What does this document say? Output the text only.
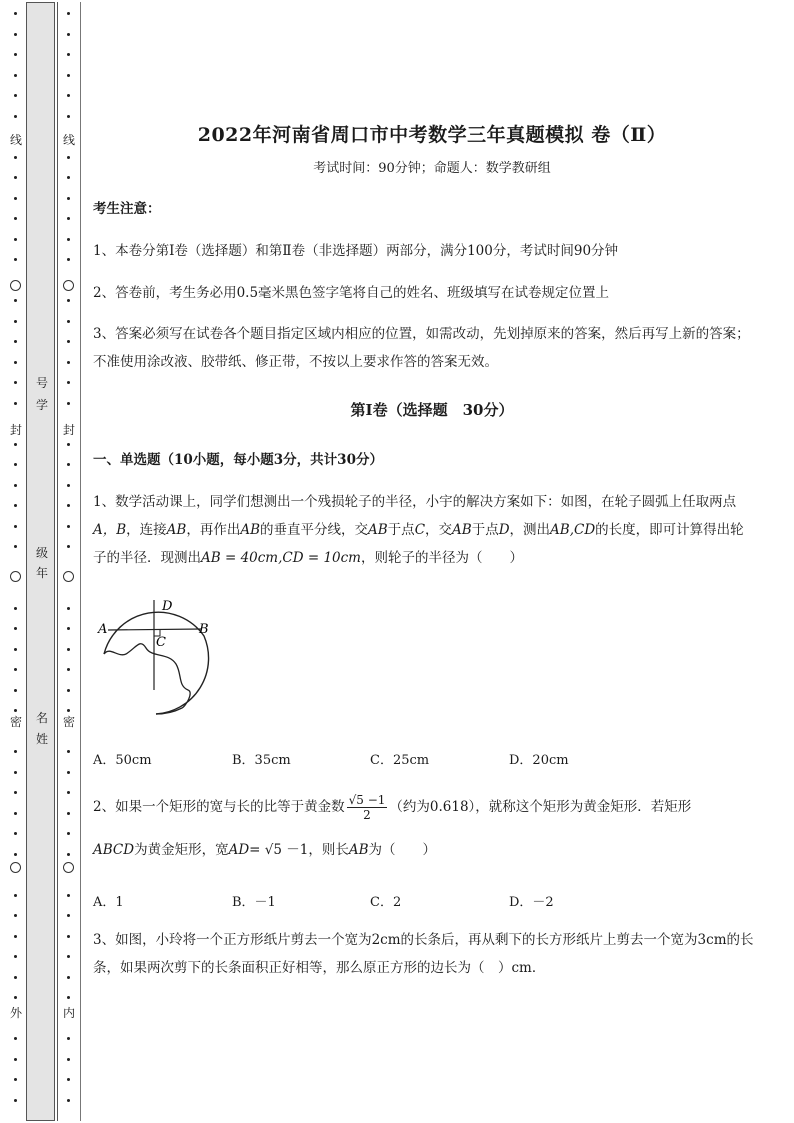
线
封
密
外
线
封
密
内
号
学
级
年
名
姓
2022年河南省周口市中考数学三年真题模拟 卷（Ⅱ）
考试时间：90分钟；命题人：数学教研组
考生注意：
1、本卷分第Ⅰ卷（选择题）和第Ⅱ卷（非选择题）两部分，满分100分，考试时间90分钟
2、答卷前，考生务必用0.5毫米黑色签字笔将自己的姓名、班级填写在试卷规定位置上
3、答案必须写在试卷各个题目指定区域内相应的位置，如需改动，先划掉原来的答案，然后再写上新的答案；不准使用涂改液、胶带纸、修正带，不按以上要求作答的答案无效。
第Ⅰ卷（选择题　30分）
一、单选题（10小题，每小题3分，共计30分）
1、数学活动课上，同学们想测出一个残损轮子的半径，小宇的解决方案如下：如图，在轮子圆弧上任取两点A，B，连接AB，再作出AB的垂直平分线，交AB于点C，交AB于点D，测出AB,CD的长度，即可计算得出轮子的半径．现测出AB = 40cm,CD = 10cm，则轮子的半径为（　　）
A	B
C
D
A．50cm	B．35cm	C．25cm	D．20cm
2、如果一个矩形的宽与长的比等于黄金数 $\frac{√5 -1}{2}$ （约为0.618），就称这个矩形为黄金矩形．若矩形
ABCD为黄金矩形，宽AD= √5 －1，则长AB为（　　）
A．1	B．－1	C．2	D．－2
3、如图，小玲将一个正方形纸片剪去一个宽为2cm的长条后，再从剩下的长方形纸片上剪去一个宽为3cm的长条，如果两次剪下的长条面积正好相等，那么原正方形的边长为（　）cm．
